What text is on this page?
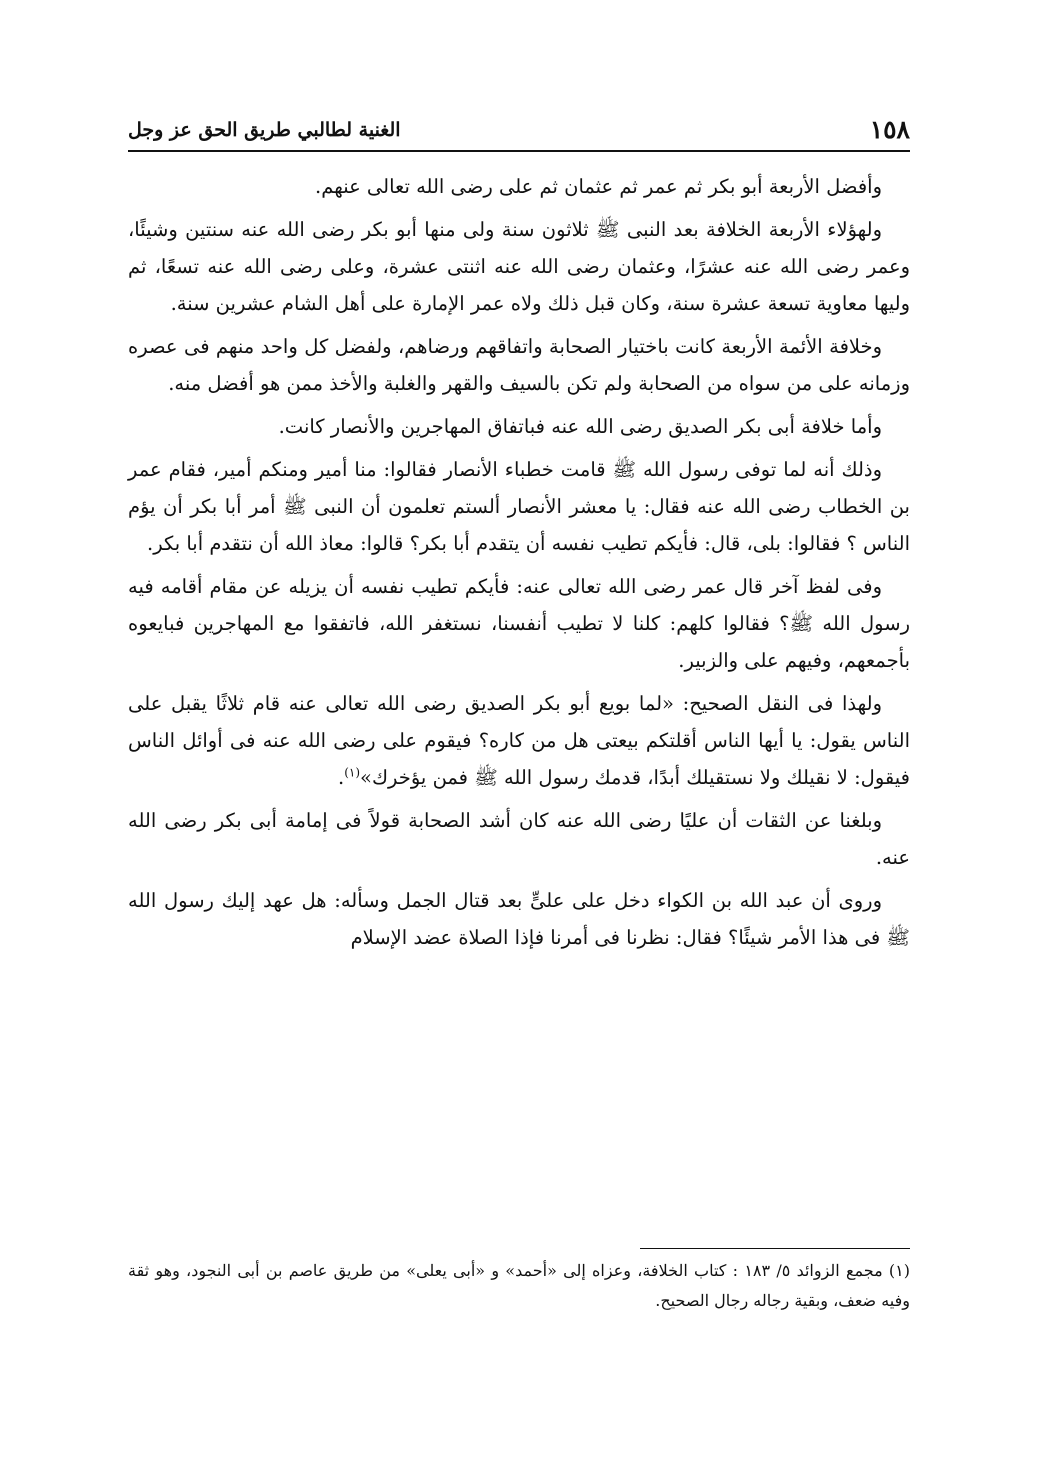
١٥٨
الغنية لطالبي طريق الحق عز وجل

وأفضل الأربعة أبو بكر ثم عمر ثم عثمان ثم على رضى الله تعالى عنهم.

ولهؤلاء الأربعة الخلافة بعد النبى ﷺ ثلاثون سنة ولى منها أبو بكر رضى الله عنه سنتين وشيئًا، وعمر رضى الله عنه عشرًا، وعثمان رضى الله عنه اثنتى عشرة، وعلى رضى الله عنه تسعًا، ثم وليها معاوية تسعة عشرة سنة، وكان قبل ذلك ولاه عمر الإمارة على أهل الشام عشرين سنة.

وخلافة الأئمة الأربعة كانت باختيار الصحابة واتفاقهم ورضاهم، ولفضل كل واحد منهم فى عصره وزمانه على من سواه من الصحابة ولم تكن بالسيف والقهر والغلبة والأخذ ممن هو أفضل منه.

وأما خلافة أبى بكر الصديق رضى الله عنه فباتفاق المهاجرين والأنصار كانت.

وذلك أنه لما توفى رسول الله ﷺ قامت خطباء الأنصار فقالوا: منا أمير ومنكم أمير، فقام عمر بن الخطاب رضى الله عنه فقال: يا معشر الأنصار ألستم تعلمون أن النبى ﷺ أمر أبا بكر أن يؤم الناس ؟ فقالوا: بلى، قال: فأيكم تطيب نفسه أن يتقدم أبا بكر؟ قالوا: معاذ الله أن نتقدم أبا بكر.

وفى لفظ آخر قال عمر رضى الله تعالى عنه: فأيكم تطيب نفسه أن يزيله عن مقام أقامه فيه رسول الله ﷺ؟ فقالوا كلهم: كلنا لا تطيب أنفسنا، نستغفر الله، فاتفقوا مع المهاجرين فبايعوه بأجمعهم، وفيهم على والزبير.

ولهذا فى النقل الصحيح: «لما بويع أبو بكر الصديق رضى الله تعالى عنه قام ثلاثًا يقبل على الناس يقول: يا أيها الناس أقلتكم بيعتى هل من كاره؟ فيقوم على رضى الله عنه فى أوائل الناس فيقول: لا نقيلك ولا نستقيلك أبدًا، قدمك رسول الله ﷺ فمن يؤخرك»$^{(١)}$.

وبلغنا عن الثقات أن عليًا رضى الله عنه كان أشد الصحابة قولاً فى إمامة أبى بكر رضى الله عنه.

وروى أن عبد الله بن الكواء دخل على علىٍّ بعد قتال الجمل وسأله: هل عهد إليك رسول الله ﷺ فى هذا الأمر شيئًا؟ فقال: نظرنا فى أمرنا فإذا الصلاة عضد الإسلام

(١) مجمع الزوائد ٥/ ١٨٣ : كتاب الخلافة، وعزاه إلى «أحمد» و «أبى يعلى» من طريق عاصم بن أبى النجود، وهو ثقة وفيه ضعف، وبقية رجاله رجال الصحيح.
